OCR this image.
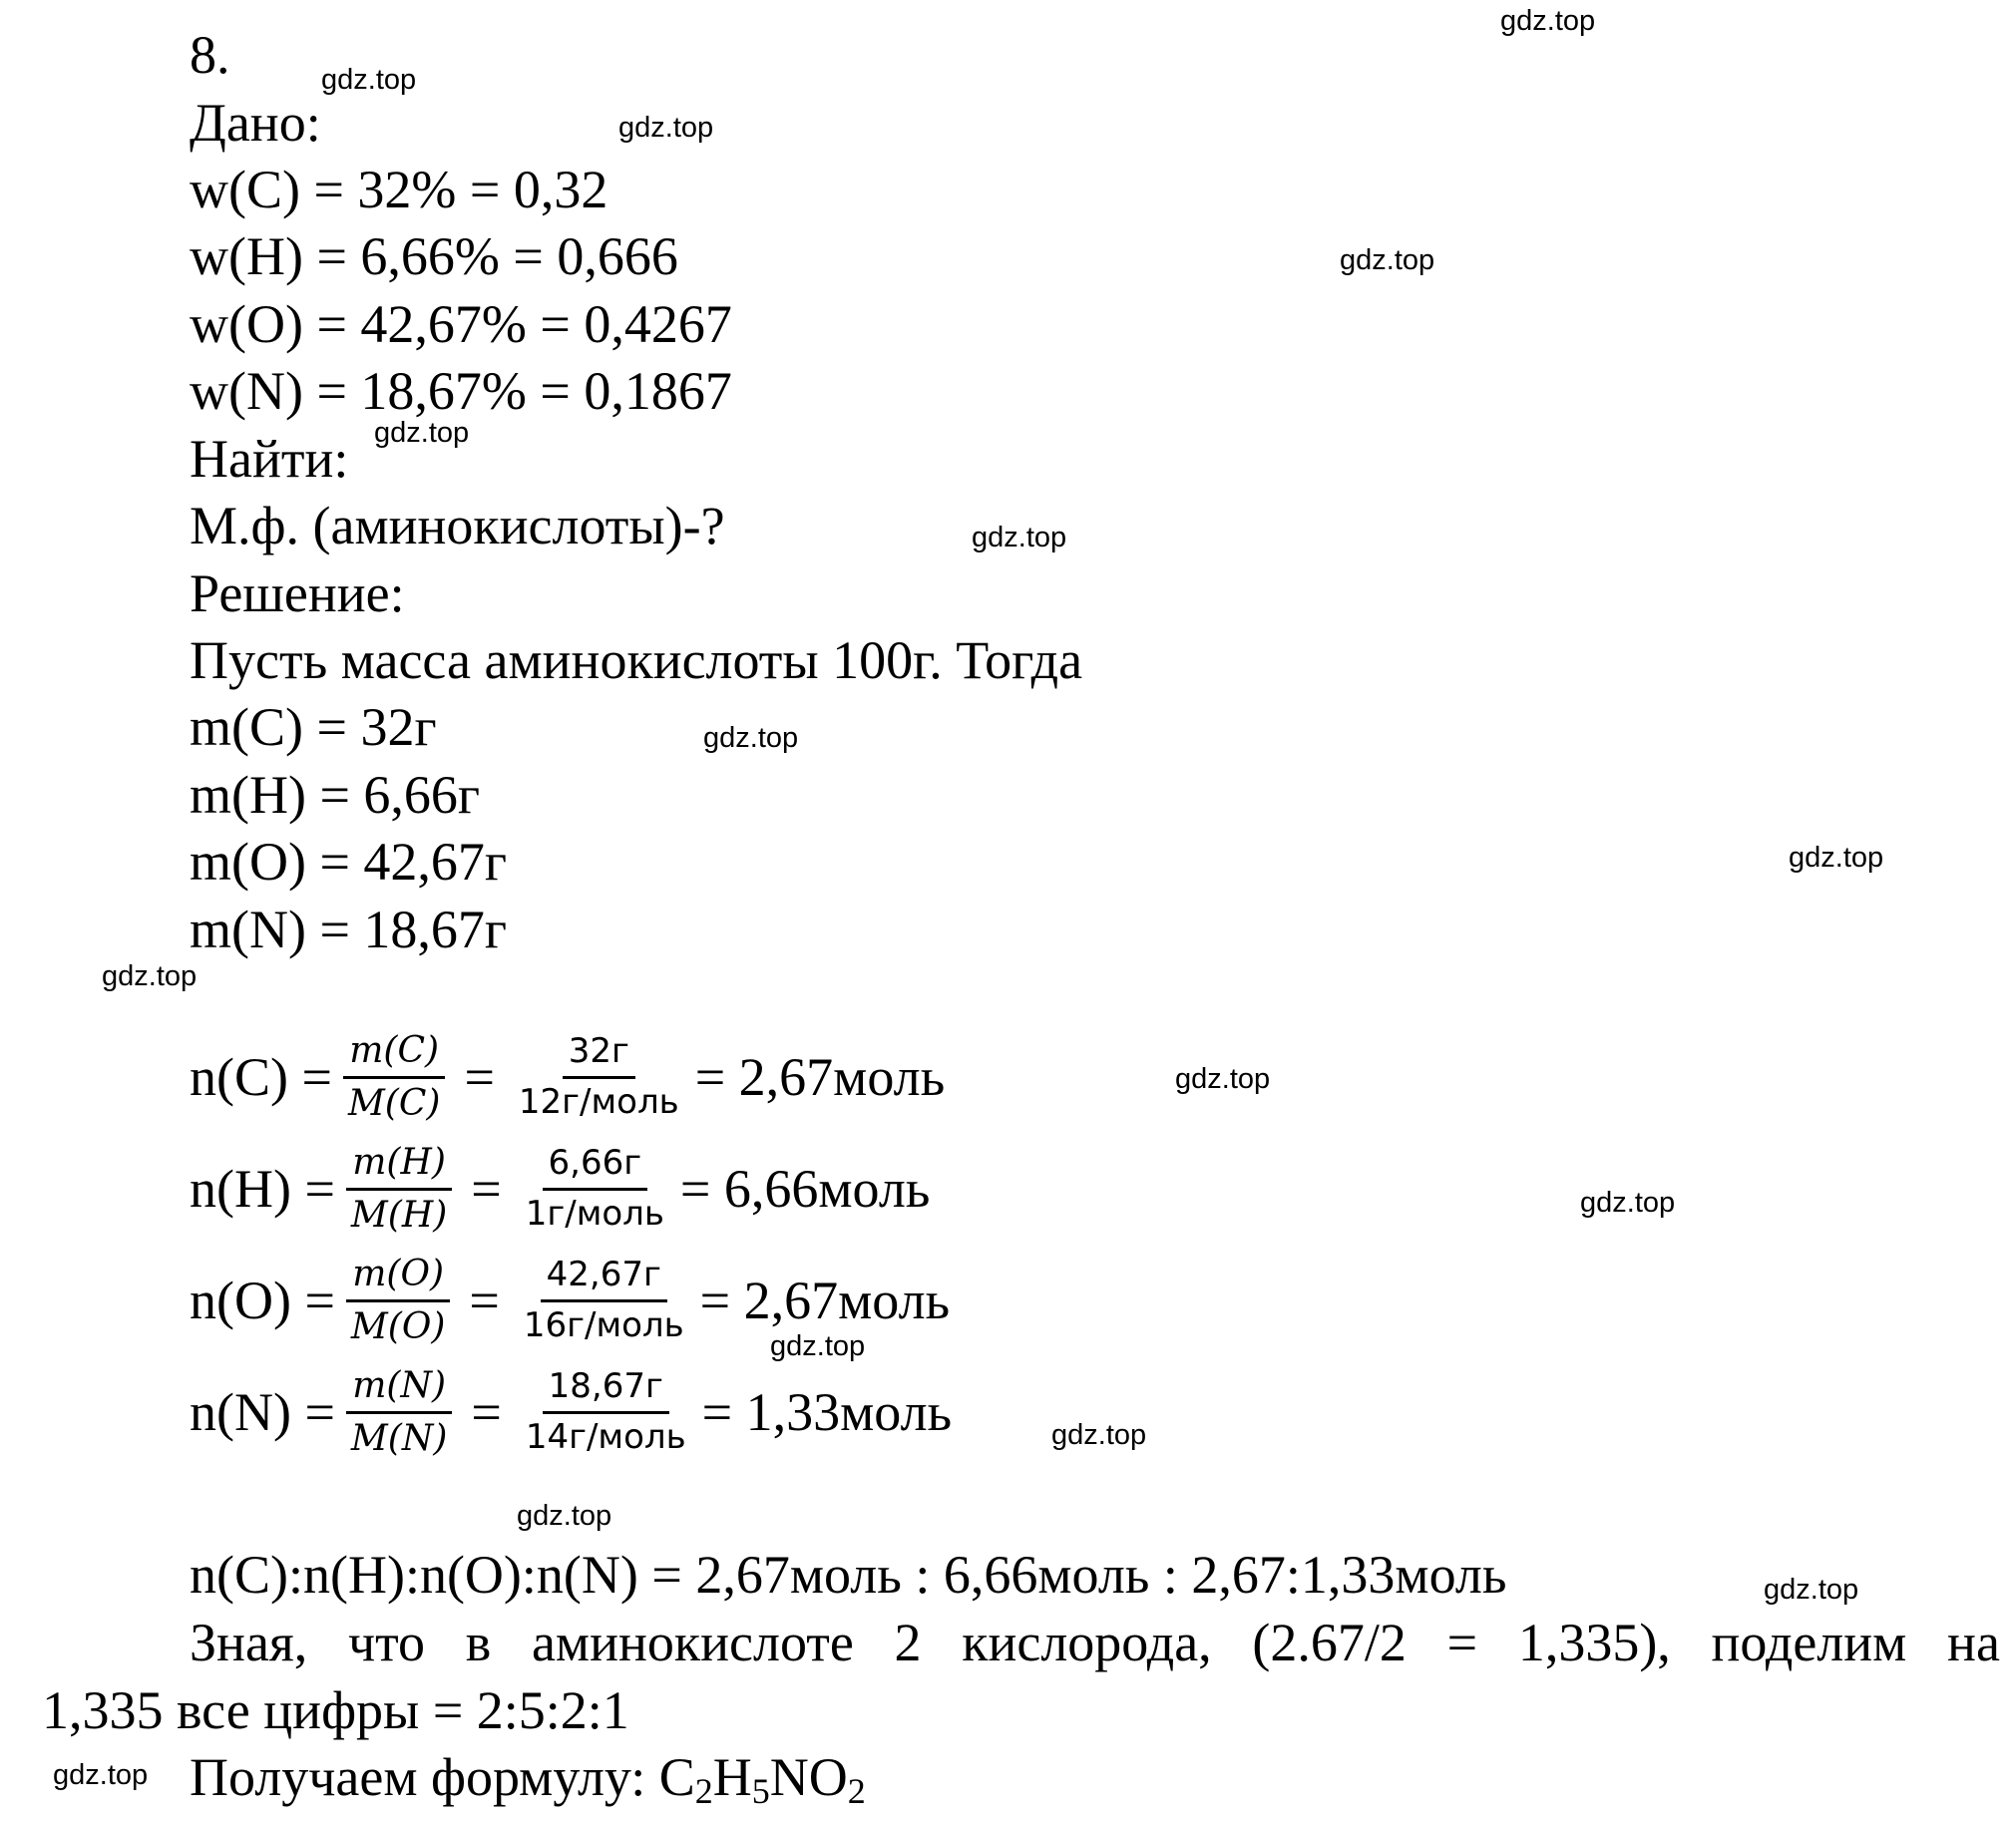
8.
Дано:
w(C) = 32% = 0,32
w(H) = 6,66% = 0,666
w(O) = 42,67% = 0,4267
w(N) = 18,67% = 0,1867
Найти:
М.ф. (аминокислоты)-?
Решение:
Пусть масса аминокислоты 100г. Тогда
m(C) = 32г
m(H) = 6,66г
m(O) = 42,67г
m(N) = 18,67г
$n(C) = \frac{m(C)}{M(C)} = \frac{32г}{\text{12г/моль}}$ = 2,67моль
$n(H) = \frac{m(H)}{M(H)} = \frac{6,66г}{\text{1г/моль}}$ = 6,66моль
$n(O) = \frac{m(O)}{M(O)} = \frac{42,67г}{\text{16г/моль}}$ = 2,67моль
$n(N) = \frac{m(N)}{M(N)} = \frac{18,67г}{\text{14г/моль}}$ = 1,33моль
n(C):n(H):n(O):n(N) = 2,67моль : 6,66моль : 2,67:1,33моль
Зная, что в аминокислоте 2 кислорода, (2.67/2 = 1,335), поделим на
1,335 все цифры = 2:5:2:1
Получаем формулу: $C_2H_5NO_2$
gdz.top
gdz.top
gdz.top
gdz.top
gdz.top
gdz.top
gdz.top
gdz.top
gdz.top
gdz.top
gdz.top
gdz.top
gdz.top
gdz.top
gdz.top
gdz.top
